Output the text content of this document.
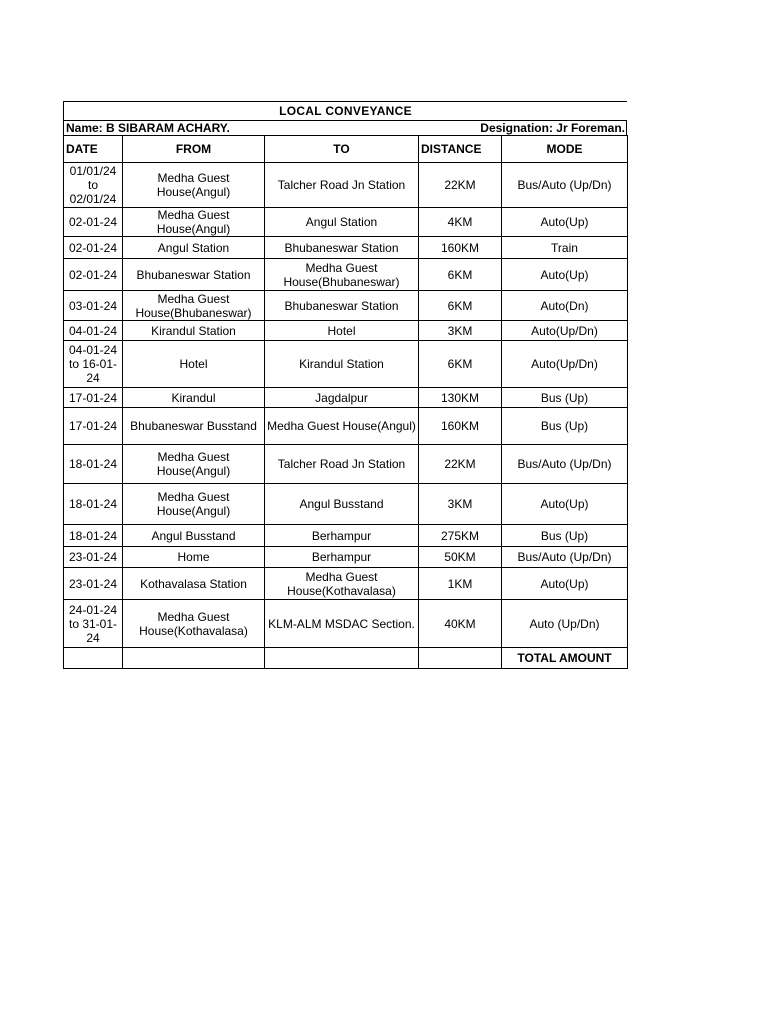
LOCAL CONVEYANCE
Name: B SIBARAM ACHARY.	Designation: Jr Foreman.
DATE	FROM	TO	DISTANCE	MODE
01/01/24 to 02/01/24	Medha Guest House(Angul)	Talcher Road Jn Station	22KM	Bus/Auto (Up/Dn)
02-01-24	Medha Guest House(Angul)	Angul Station	4KM	Auto(Up)
02-01-24	Angul Station	Bhubaneswar Station	160KM	Train
02-01-24	Bhubaneswar Station	Medha Guest House(Bhubaneswar)	6KM	Auto(Up)
03-01-24	Medha Guest House(Bhubaneswar)	Bhubaneswar Station	6KM	Auto(Dn)
04-01-24	Kirandul Station	Hotel	3KM	Auto(Up/Dn)
04-01-24 to 16-01-24	Hotel	Kirandul Station	6KM	Auto(Up/Dn)
17-01-24	Kirandul	Jagdalpur	130KM	Bus (Up)
17-01-24	Bhubaneswar Busstand	Medha Guest House(Angul)	160KM	Bus (Up)
18-01-24	Medha Guest House(Angul)	Talcher Road Jn Station	22KM	Bus/Auto (Up/Dn)
18-01-24	Medha Guest House(Angul)	Angul Busstand	3KM	Auto(Up)
18-01-24	Angul Busstand	Berhampur	275KM	Bus (Up)
23-01-24	Home	Berhampur	50KM	Bus/Auto (Up/Dn)
23-01-24	Kothavalasa Station	Medha Guest House(Kothavalasa)	1KM	Auto(Up)
24-01-24 to 31-01-24	Medha Guest House(Kothavalasa)	KLM-ALM MSDAC Section.	40KM	Auto (Up/Dn)
				TOTAL AMOUNT
